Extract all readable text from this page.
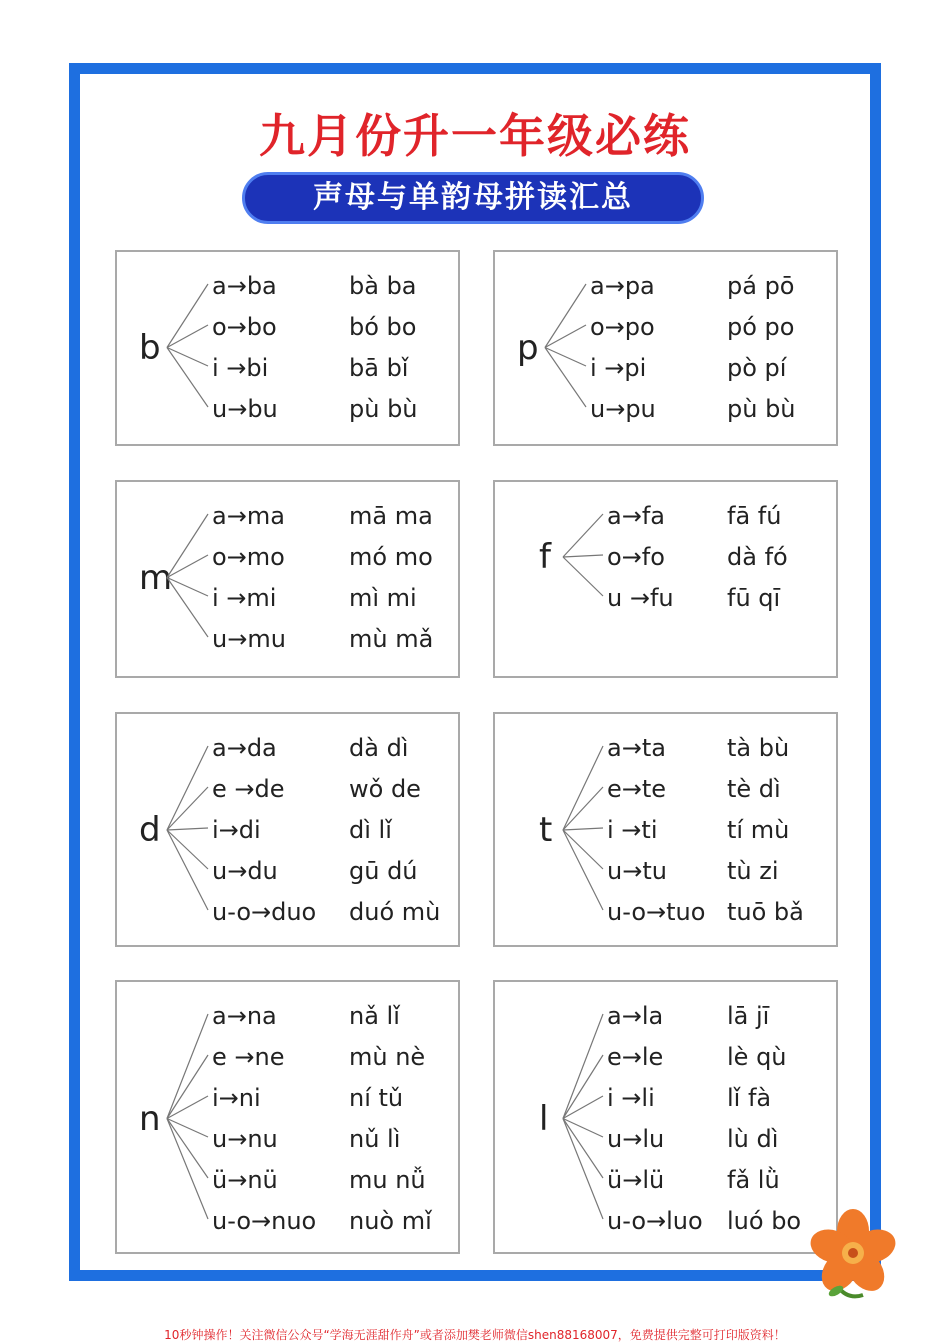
九月份升一年级必练
声母与单韵母拼读汇总
b
a→ba	bà ba
o→bo	bó bo
i →bi	bā bǐ
u→bu	pù bù
p
a→pa	pá pō
o→po	pó po
i →pi	pò pí
u→pu	pù bù
m
a→ma	mā ma
o→mo	mó mo
i →mi	mì mi
u→mu	mù mǎ
f
a→fa	fā fú
o→fo	dà fó
u →fu fū qī
d
a→da	dà dì
e →de	wǒ de
i→di	dì lǐ
u→du	gū dú
u-o→duo duó mù
t
a→ta	tà bù
e→te	tè dì
i →ti	tí mù
u→tu	tù zi
u-o→tuo tuō bǎ
n
a→na	nǎ lǐ
e →ne	mù nè
i→ni	ní tǔ
u→nu	nǔ lì
ü→nü	mu nǚ
u-o→nuo nuò mǐ
l
a→la	lā jī
e→le	lè qù
i →li	lǐ fà
u→lu	lù dì
ü→lü	fǎ lǜ
u-o→luo luó bo
10秒钟操作！关注微信公众号“学海无涯甜作舟”或者添加樊老师微信shen88168007，免费提供完整可打印版资料！
